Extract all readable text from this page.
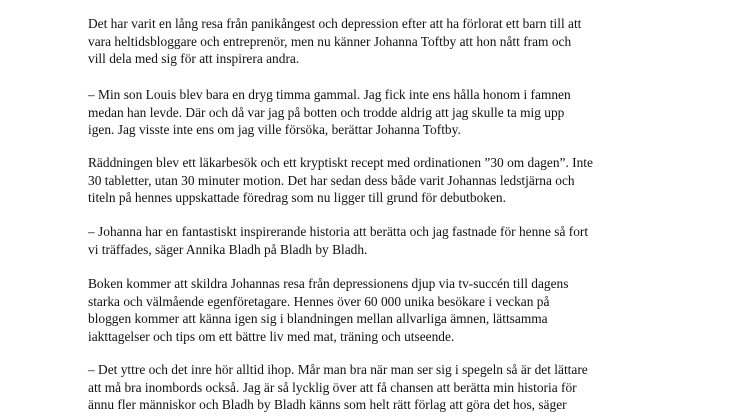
Det har varit en lång resa från panikångest och depression efter att ha förlorat ett barn till att
vara heltidsbloggare och entreprenör, men nu känner Johanna Toftby att hon nått fram och
vill dela med sig för att inspirera andra.
– Min son Louis blev bara en dryg timma gammal. Jag fick inte ens hålla honom i famnen
medan han levde. Där och då var jag på botten och trodde aldrig att jag skulle ta mig upp
igen. Jag visste inte ens om jag ville försöka, berättar Johanna Toftby.
Räddningen blev ett läkarbesök och ett kryptiskt recept med ordinationen ”30 om dagen”. Inte
30 tabletter, utan 30 minuter motion. Det har sedan dess både varit Johannas ledstjärna och
titeln på hennes uppskattade föredrag som nu ligger till grund för debutboken.
– Johanna har en fantastiskt inspirerande historia att berätta och jag fastnade för henne så fort
vi träffades, säger Annika Bladh på Bladh by Bladh.
Boken kommer att skildra Johannas resa från depressionens djup via tv-succén till dagens
starka och välmående egenföretagare. Hennes över 60 000 unika besökare i veckan på
bloggen kommer att känna igen sig i blandningen mellan allvarliga ämnen, lättsamma
iakttagelser och tips om ett bättre liv med mat, träning och utseende.
– Det yttre och det inre hör alltid ihop. Mår man bra när man ser sig i spegeln så är det lättare
att må bra inombords också. Jag är så lycklig över att få chansen att berätta min historia för
ännu fler människor och Bladh by Bladh känns som helt rätt förlag att göra det hos, säger
